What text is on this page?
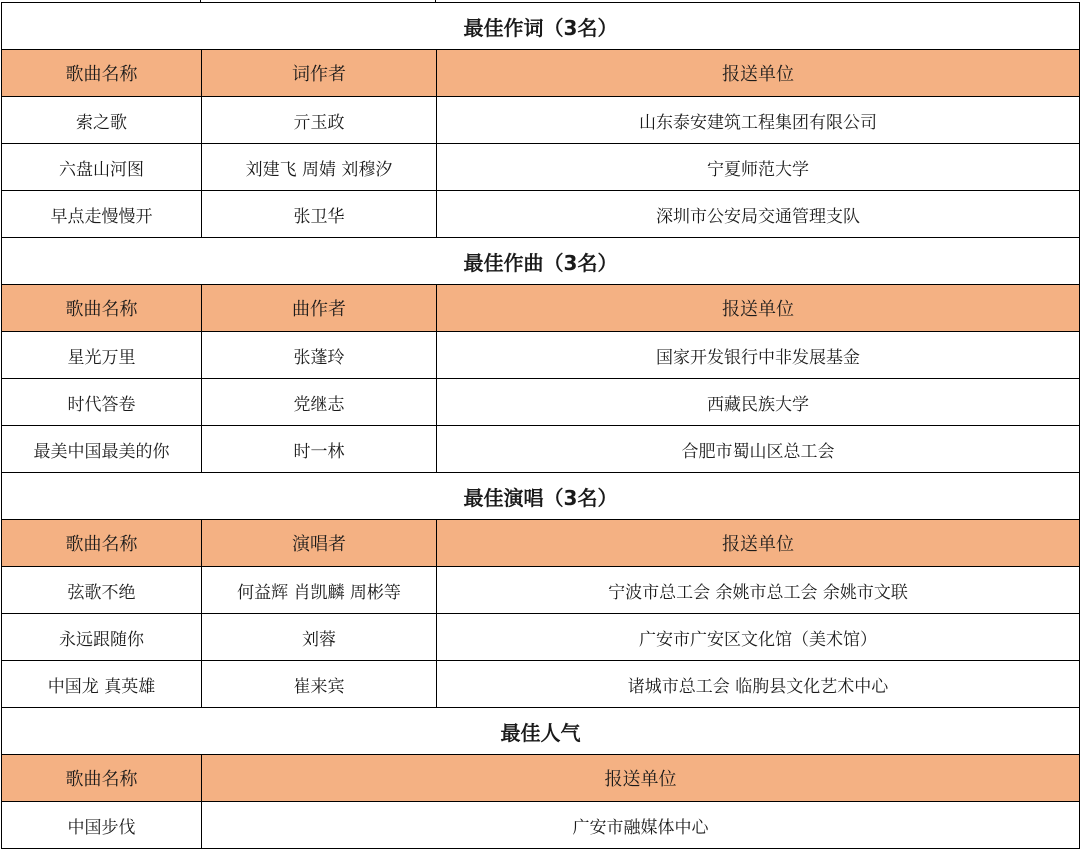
最佳作词（3名）		
歌曲名称	词作者	报送单位
索之歌	亓玉政	山东泰安建筑工程集团有限公司
六盘山河图	刘建飞 周婧 刘穆汐	宁夏师范大学
早点走慢慢开	张卫华	深圳市公安局交通管理支队
最佳作曲（3名）		
歌曲名称	曲作者	报送单位
星光万里	张蓬玲	国家开发银行中非发展基金
时代答卷	党继志	西藏民族大学
最美中国最美的你	时一林	合肥市蜀山区总工会
最佳演唱（3名）		
歌曲名称	演唱者	报送单位
弦歌不绝	何益辉 肖凯麟 周彬等	宁波市总工会 余姚市总工会 余姚市文联
永远跟随你	刘蓉	广安市广安区文化馆（美术馆）
中国龙 真英雄	崔来宾	诸城市总工会 临朐县文化艺术中心
最佳人气		
歌曲名称	报送单位	
中国步伐	广安市融媒体中心	
